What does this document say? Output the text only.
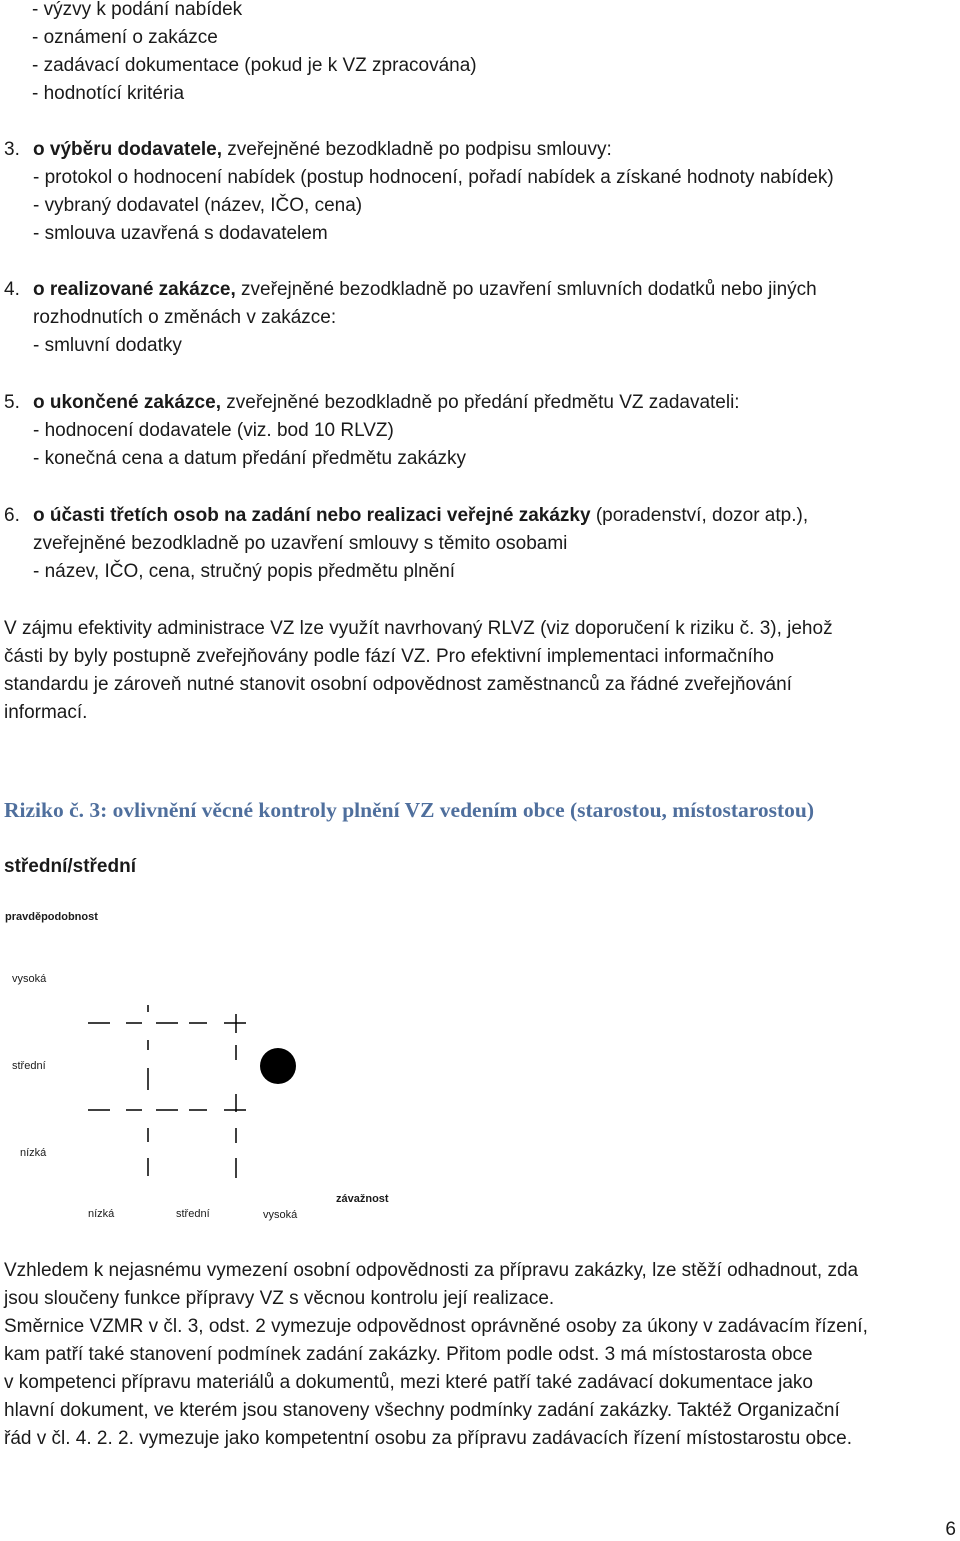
- výzvy k podání nabídek
- oznámení o zakázce
- zadávací dokumentace (pokud je k VZ zpracována)
- hodnotící kritéria
3. o výběru dodavatele, zveřejněné bezodkladně po podpisu smlouvy:
- protokol o hodnocení nabídek (postup hodnocení, pořadí nabídek a získané hodnoty nabídek)
- vybraný dodavatel (název, IČO, cena)
- smlouva uzavřená s dodavatelem
4. o realizované zakázce, zveřejněné bezodkladně po uzavření smluvních dodatků nebo jiných
rozhodnutích o změnách v zakázce:
- smluvní dodatky
5. o ukončené zakázce, zveřejněné bezodkladně po předání předmětu VZ zadavateli:
- hodnocení dodavatele (viz. bod 10 RLVZ)
- konečná cena a datum předání předmětu zakázky
6. o účasti třetích osob na zadání nebo realizaci veřejné zakázky (poradenství, dozor atp.),
zveřejněné bezodkladně po uzavření smlouvy s těmito osobami
- název, IČO, cena, stručný popis předmětu plnění
V zájmu efektivity administrace VZ lze využít navrhovaný RLVZ (viz doporučení k riziku č. 3), jehož
části by byly postupně zveřejňovány podle fází VZ. Pro efektivní implementaci informačního
standardu je zároveň nutné stanovit osobní odpovědnost zaměstnanců za řádné zveřejňování
informací.
Riziko č. 3: ovlivnění věcné kontroly plnění VZ vedením obce (starostou, místostarostou)
střední/střední
pravděpodobnost
závažnost
vysoká
střední
nízká
nízká	střední	vysoká
Vzhledem k nejasnému vymezení osobní odpovědnosti za přípravu zakázky, lze stěží odhadnout, zda
jsou sloučeny funkce přípravy VZ s věcnou kontrolu její realizace.
Směrnice VZMR v čl. 3, odst. 2 vymezuje odpovědnost oprávněné osoby za úkony v zadávacím řízení,
kam patří také stanovení podmínek zadání zakázky. Přitom podle odst. 3 má místostarosta obce
v kompetenci přípravu materiálů a dokumentů, mezi které patří také zadávací dokumentace jako
hlavní dokument, ve kterém jsou stanoveny všechny podmínky zadání zakázky. Taktéž Organizační
řád v čl. 4. 2. 2. vymezuje jako kompetentní osobu za přípravu zadávacích řízení místostarostu obce.
6
